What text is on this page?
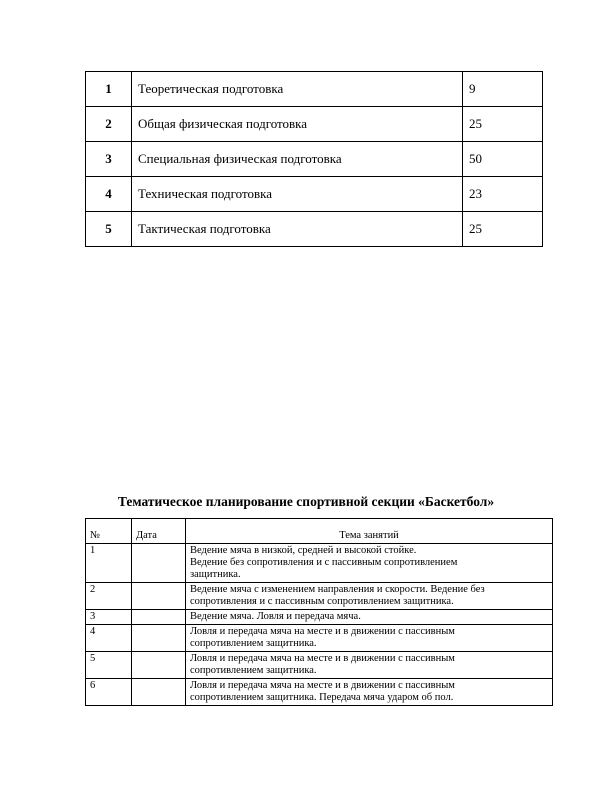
1	Теоретическая подготовка	9
2	Общая физическая подготовка	25
3	Специальная физическая подготовка	50
4	Техническая подготовка	23
5	Тактическая подготовка	25
Тематическое планирование спортивной секции «Баскетбол»
№	Дата	Тема занятий
1		Ведение мяча в низкой, средней и высокой стойке.
Ведение без сопротивления и с пассивным сопротивлением
защитника.

2		Ведение мяча с изменением направления и скорости. Ведение без
сопротивления и с пассивным сопротивлением защитника.

3		Ведение мяча. Ловля и передача мяча.

4		Ловля и передача мяча на месте и в движении с пассивным
сопротивлением защитника.

5		Ловля и передача мяча на месте и в движении с пассивным
сопротивлением защитника.

6		Ловля и передача мяча на месте и в движении с пассивным
сопротивлением защитника. Передача мяча ударом об пол.
